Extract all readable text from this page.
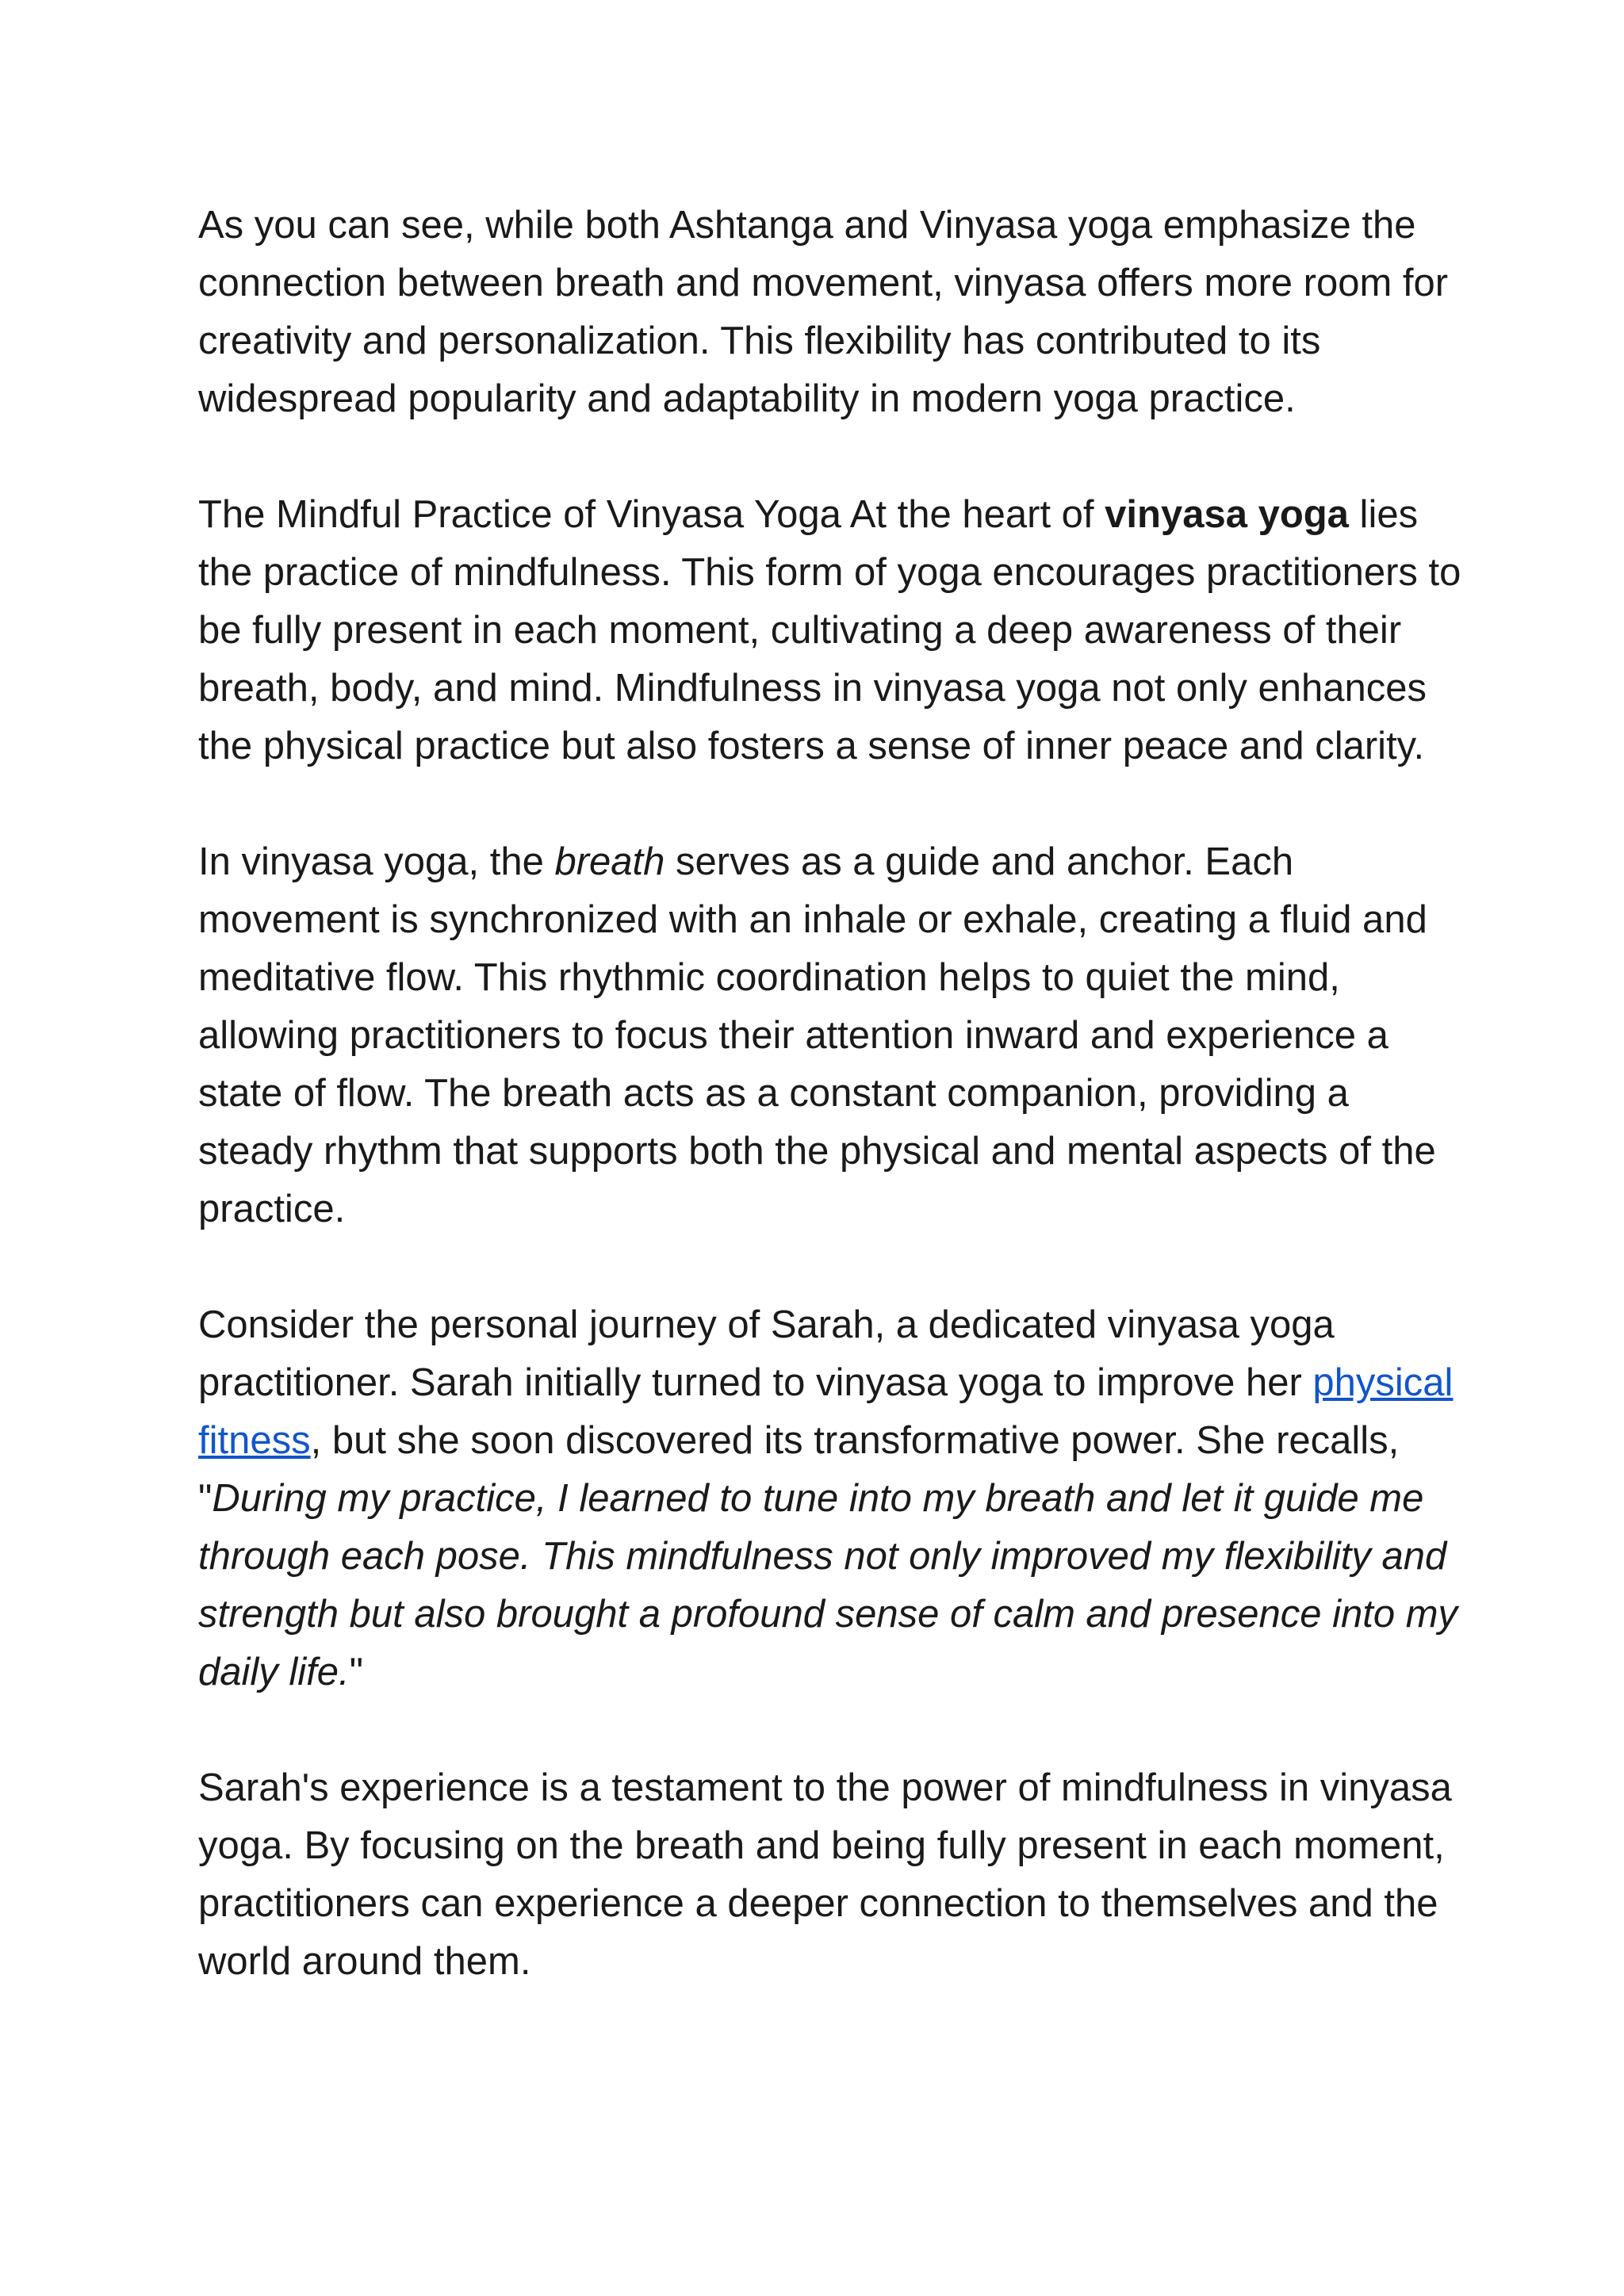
As you can see, while both Ashtanga and Vinyasa yoga emphasize the connection between breath and movement, vinyasa offers more room for creativity and personalization. This flexibility has contributed to its widespread popularity and adaptability in modern yoga practice.

The Mindful Practice of Vinyasa Yoga At the heart of vinyasa yoga lies the practice of mindfulness. This form of yoga encourages practitioners to be fully present in each moment, cultivating a deep awareness of their breath, body, and mind. Mindfulness in vinyasa yoga not only enhances the physical practice but also fosters a sense of inner peace and clarity.

In vinyasa yoga, the breath serves as a guide and anchor. Each movement is synchronized with an inhale or exhale, creating a fluid and meditative flow. This rhythmic coordination helps to quiet the mind, allowing practitioners to focus their attention inward and experience a state of flow. The breath acts as a constant companion, providing a steady rhythm that supports both the physical and mental aspects of the practice.

Consider the personal journey of Sarah, a dedicated vinyasa yoga practitioner. Sarah initially turned to vinyasa yoga to improve her physical fitness, but she soon discovered its transformative power. She recalls, "During my practice, I learned to tune into my breath and let it guide me through each pose. This mindfulness not only improved my flexibility and strength but also brought a profound sense of calm and presence into my daily life."

Sarah's experience is a testament to the power of mindfulness in vinyasa yoga. By focusing on the breath and being fully present in each moment, practitioners can experience a deeper connection to themselves and the world around them.
